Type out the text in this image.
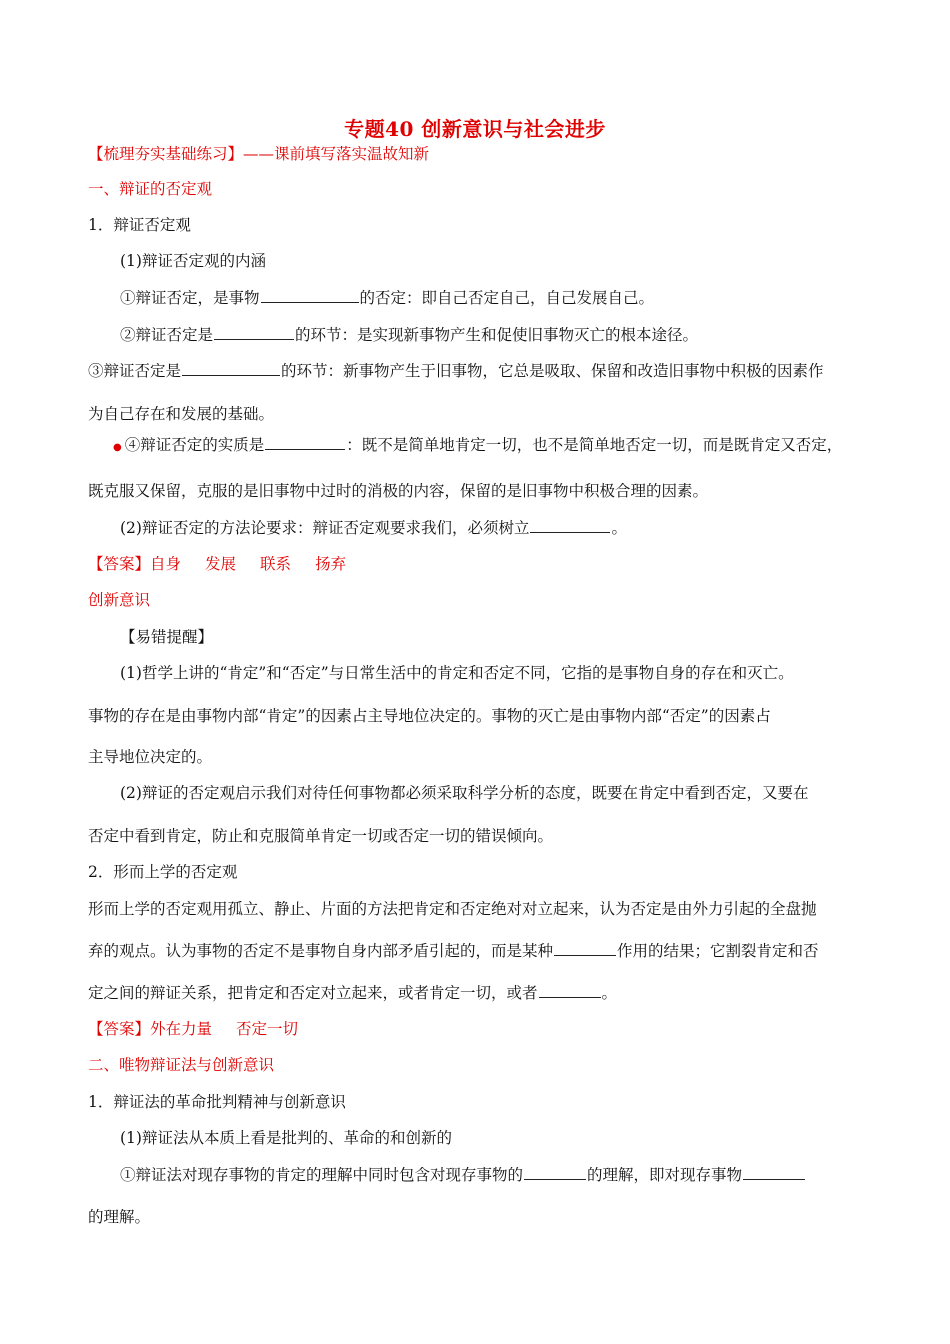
专题40 创新意识与社会进步
【梳理夯实基础练习】——课前填写落实温故知新
一、辩证的否定观
1．辩证否定观
(1)辩证否定观的内涵
①辩证否定，是事物	的否定：即自己否定自己，自己发展自己。
②辩证否定是	的环节：是实现新事物产生和促使旧事物灭亡的根本途径。
③辩证否定是	的环节：新事物产生于旧事物，它总是吸取、保留和改造旧事物中积极的因素作
为自己存在和发展的基础。
● ④辩证否定的实质是	：既不是简单地肯定一切，也不是简单地否定一切，而是既肯定又否定，
既克服又保留，克服的是旧事物中过时的消极的内容，保留的是旧事物中积极合理的因素。
(2)辩证否定的方法论要求：辩证否定观要求我们，必须树立	。
【答案】自身 发展 联系 扬弃
创新意识
【易错提醒】
(1)哲学上讲的“肯定”和“否定”与日常生活中的肯定和否定不同，它指的是事物自身的存在和灭亡。
事物的存在是由事物内部“肯定”的因素占主导地位决定的。事物的灭亡是由事物内部“否定”的因素占
主导地位决定的。
(2)辩证的否定观启示我们对待任何事物都必须采取科学分析的态度，既要在肯定中看到否定，又要在
否定中看到肯定，防止和克服简单肯定一切或否定一切的错误倾向。
2．形而上学的否定观
形而上学的否定观用孤立、静止、片面的方法把肯定和否定绝对对立起来，认为否定是由外力引起的全盘抛
弃的观点。认为事物的否定不是事物自身内部矛盾引起的，而是某种	作用的结果；它割裂肯定和否
定之间的辩证关系，把肯定和否定对立起来，或者肯定一切，或者	。
【答案】外在力量 否定一切
二、唯物辩证法与创新意识
1．辩证法的革命批判精神与创新意识
(1)辩证法从本质上看是批判的、革命的和创新的
①辩证法对现存事物的肯定的理解中同时包含对现存事物的	的理解，即对现存事物
的理解。
